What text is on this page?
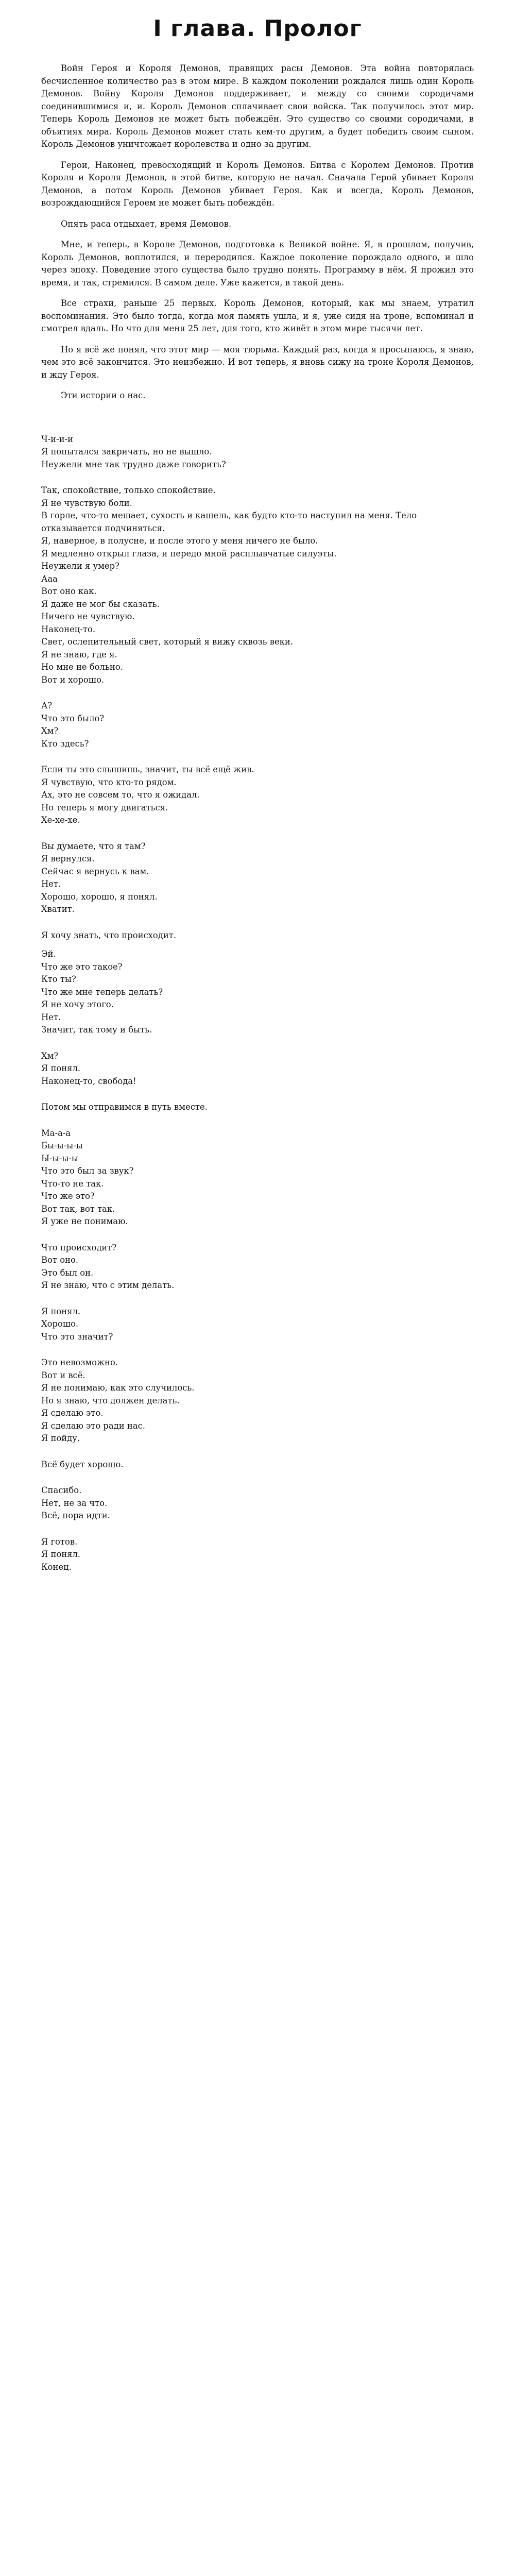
I глава. Пролог

Войн Героя и Короля Демонов, правящих расы Демонов. Эта война повторялась бесчисленное количество раз в этом мире. В каждом поколении рождался лишь один Король Демонов. Войну Короля Демонов поддерживает, и между со своими сородичами соединившимися и, и. Король Демонов сплачивает свои войска. Так получилось этот мир. Теперь Король Демонов не может быть побеждён. Это существо со своими сородичами, в объятиях мира. Король Демонов может стать кем-то другим, а будет победить своим сыном. Король Демонов уничтожает королевства и одно за другим.

Герои, Наконец, превосходящий и Король Демонов. Битва с Королем Демонов. Против Короля и Короля Демонов, в этой битве, которую не начал. Сначала Герой убивает Короля Демонов, а потом Король Демонов убивает Героя. Как и всегда, Король Демонов, возрождающийся Героем не может быть побеждён.

Опять раса отдыхает, время Демонов.

Мне, и теперь, в Короле Демонов, подготовка к Великой войне. Я, в прошлом, получив, Король Демонов, воплотился, и переродился. Каждое поколение порождало одного, и шло через эпоху. Поведение этого существа было трудно понять. Программу в нём. Я прожил это время, и так, стремился. В самом деле. Уже кажется, в такой день.

Все страхи, раньше 25 первых. Король Демонов, который, как мы знаем, утратил воспоминания. Это было тогда, когда моя память ушла, и я, уже сидя на троне, вспоминал и смотрел вдаль. Но что для меня 25 лет, для того, кто живёт в этом мире тысячи лет.

Но я всё же понял, что этот мир — моя тюрьма. Каждый раз, когда я просыпаюсь, я знаю, чем это всё закончится. Это неизбежно. И вот теперь, я вновь сижу на троне Короля Демонов, и жду Героя.

Эти истории о нас.

Ч-и-и-и

Я попытался закричать, но не вышло.

Неужели мне так трудно даже говорить?

Так, спокойствие, только спокойствие.

Я не чувствую боли.

В горле, что-то мешает, сухость и кашель, как будто кто-то наступил на меня. Тело отказывается подчиняться.

Я, наверное, в полусне, и после этого у меня ничего не было.

Я медленно открыл глаза, и передо мной расплывчатые силуэты.

Неужели я умер?

Ааа

Вот оно как.

Я даже не мог бы сказать.

Ничего не чувствую.

Наконец-то.

Свет, ослепительный свет, который я вижу сквозь веки.

Я не знаю, где я.

Но мне не больно.

Вот и хорошо.

А?

Что это было?

Хм?

Кто здесь?

Если ты это слышишь, значит, ты всё ещё жив.

Я чувствую, что кто-то рядом.

Ах, это не совсем то, что я ожидал.

Но теперь я могу двигаться.

Хе-хе-хе.

Вы думаете, что я там?

Я вернулся.

Сейчас я вернусь к вам.

Нет.

Хорошо, хорошо, я понял.

Хватит.

Я хочу знать, что происходит.

Эй.

Что же это такое?

Кто ты?

Что же мне теперь делать?

Я не хочу этого.

Нет.

Значит, так тому и быть.

Хм?

Я понял.

Наконец-то, свобода!

Потом мы отправимся в путь вместе.

Ма-а-а

Бы-ы-ы-ы

Ы-ы-ы-ы

Что это был за звук?

Что-то не так.

Что же это?

Вот так, вот так.

Я уже не понимаю.

Что происходит?

Вот оно.

Это был он.

Я не знаю, что с этим делать.

Я понял.

Хорошо.

Что это значит?

Это невозможно.

Вот и всё.

Я не понимаю, как это случилось.

Но я знаю, что должен делать.

Я сделаю это.

Я сделаю это ради нас.

Я пойду.

Всё будет хорошо.

Спасибо.

Нет, не за что.

Всё, пора идти.

Я готов.

Я понял.

Конец.
